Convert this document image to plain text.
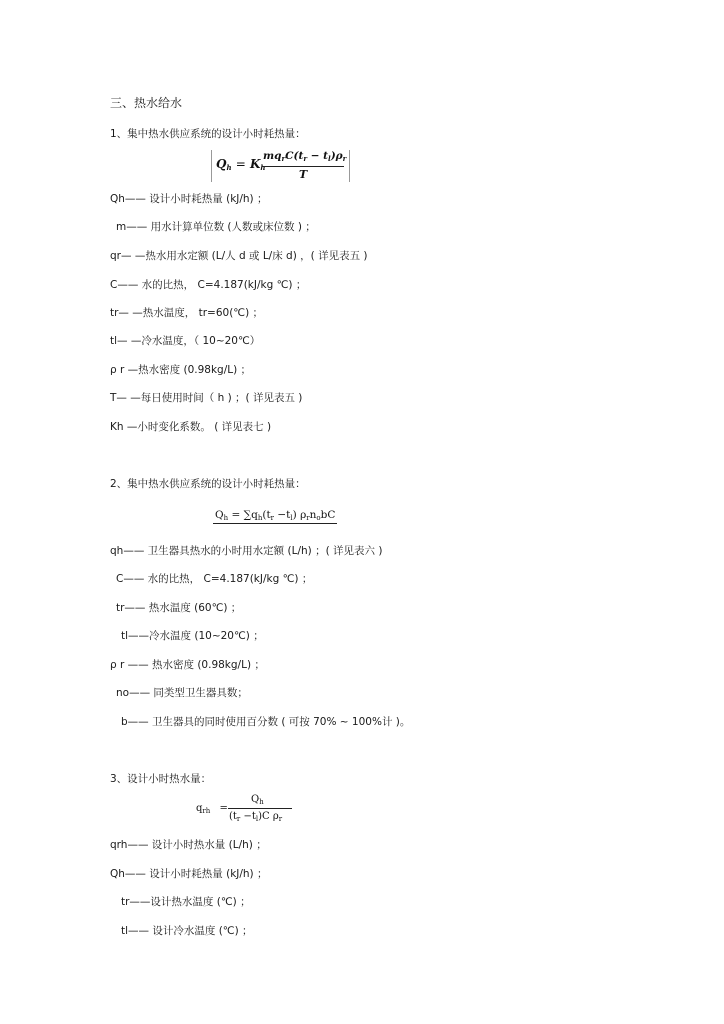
三、热水给水
1、集中热水供应系统的设计小时耗热量：
$Q_h = K_h$
$mq_rC(t_r - t_l)\rho_r$
T
Qh—— 设计小时耗热量 (kJ/h) ；
m—— 用水计算单位数 (人数或床位数 ) ；
qr— —热水用水定额 (L/人 d 或 L/床 d) ，( 详见表五 )
C—— 水的比热， C=4.187(kJ/kg ℃) ；
tr— —热水温度， tr=60(℃) ；
tl— —冷水温度，（ 10~20℃）
ρ r —热水密度 (0.98kg/L) ；
T— —每日使用时间（ h ) ；( 详见表五 )
Kh —小时变化系数。 ( 详见表七 )
2、集中热水供应系统的设计小时耗热量：
$Q_h = \sum q_h(t_r -t_l)$ $\rho_rn_obC$
qh—— 卫生器具热水的小时用水定额 (L/h) ；( 详见表六 )
C—— 水的比热， C=4.187(kJ/kg ℃) ；
tr—— 热水温度 (60℃) ；
tl——冷水温度 (10~20℃) ；
ρ r —— 热水密度 (0.98kg/L) ；
no—— 同类型卫生器具数；
b—— 卫生器具的同时使用百分数 ( 可按 70% ~ 100%计 )。
3、设计小时热水量：
$q_{rh}$ =
$Q_h$
$(t_r -t_l)C$ $\rho_r$
qrh—— 设计小时热水量 (L/h) ；
Qh—— 设计小时耗热量 (kJ/h) ；
tr——设计热水温度 (℃) ；
tl—— 设计冷水温度 (℃) ；
